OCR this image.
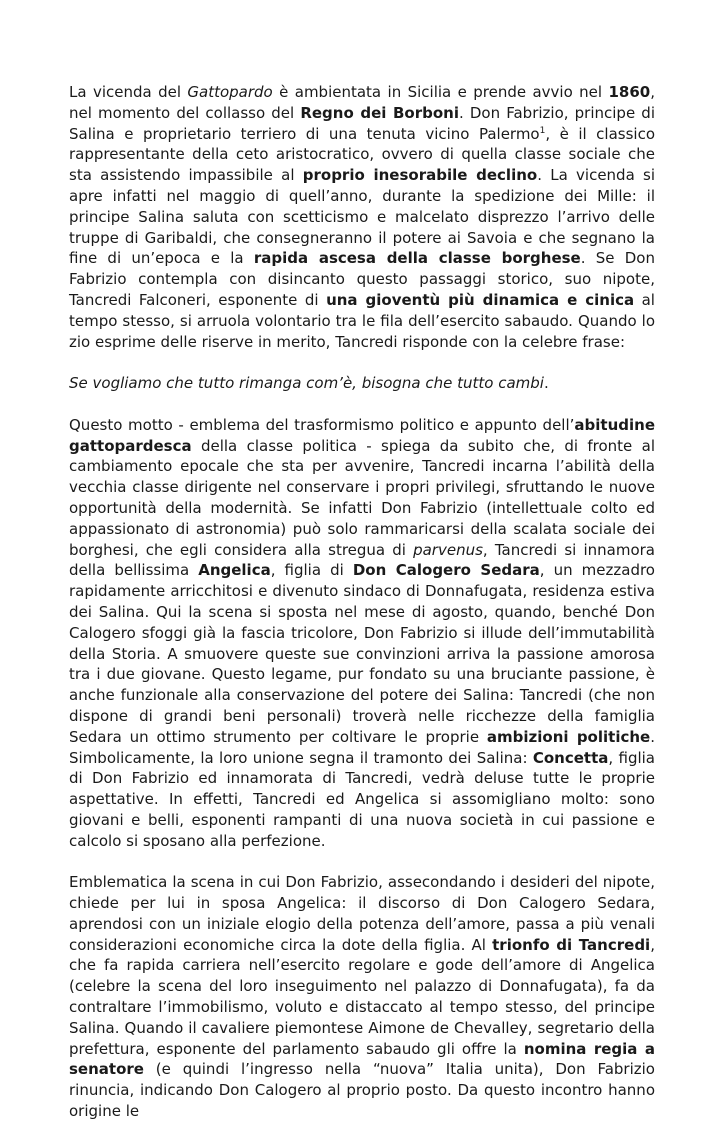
La vicenda del Gattopardo è ambientata in Sicilia e prende avvio nel 1860, nel momento del collasso del Regno dei Borboni. Don Fabrizio, principe di Salina e proprietario terriero di una tenuta vicino Palermo$^1$, è il classico rappresentante della ceto aristocratico, ovvero di quella classe sociale che sta assistendo impassibile al proprio inesorabile declino. La vicenda si apre infatti nel maggio di quell’anno, durante la spedizione dei Mille: il principe Salina saluta con scetticismo e malcelato disprezzo l’arrivo delle truppe di Garibaldi, che consegneranno il potere ai Savoia e che segnano la fine di un’epoca e la rapida ascesa della classe borghese. Se Don Fabrizio contempla con disincanto questo passaggi storico, suo nipote, Tancredi Falconeri, esponente di una gioventù più dinamica e cinica al tempo stesso, si arruola volontario tra le fila dell’esercito sabaudo. Quando lo zio esprime delle riserve in merito, Tancredi risponde con la celebre frase:

Se vogliamo che tutto rimanga com’è, bisogna che tutto cambi.

Questo motto - emblema del trasformismo politico e appunto dell’abitudine gattopardesca della classe politica - spiega da subito che, di fronte al cambiamento epocale che sta per avvenire, Tancredi incarna l’abilità della vecchia classe dirigente nel conservare i propri privilegi, sfruttando le nuove opportunità della modernità. Se infatti Don Fabrizio (intellettuale colto ed appassionato di astronomia) può solo rammaricarsi della scalata sociale dei borghesi, che egli considera alla stregua di parvenus, Tancredi si innamora della bellissima Angelica, figlia di Don Calogero Sedara, un mezzadro rapidamente arricchitosi e divenuto sindaco di Donnafugata, residenza estiva dei Salina. Qui la scena si sposta nel mese di agosto, quando, benché Don Calogero sfoggi già la fascia tricolore, Don Fabrizio si illude dell’immutabilità della Storia. A smuovere queste sue convinzioni arriva la passione amorosa tra i due giovane. Questo legame, pur fondato su una bruciante passione, è anche funzionale alla conservazione del potere dei Salina: Tancredi (che non dispone di grandi beni personali) troverà nelle ricchezze della famiglia Sedara un ottimo strumento per coltivare le proprie ambizioni politiche. Simbolicamente, la loro unione segna il tramonto dei Salina: Concetta, figlia di Don Fabrizio ed innamorata di Tancredi, vedrà deluse tutte le proprie aspettative. In effetti, Tancredi ed Angelica si assomigliano molto: sono giovani e belli, esponenti rampanti di una nuova società in cui passione e calcolo si sposano alla perfezione.

Emblematica la scena in cui Don Fabrizio, assecondando i desideri del nipote, chiede per lui in sposa Angelica: il discorso di Don Calogero Sedara, aprendosi con un iniziale elogio della potenza dell’amore, passa a più venali considerazioni economiche circa la dote della figlia. Al trionfo di Tancredi, che fa rapida carriera nell’esercito regolare e gode dell’amore di Angelica (celebre la scena del loro inseguimento nel palazzo di Donnafugata), fa da contraltare l’immobilismo, voluto e distaccato al tempo stesso, del principe Salina. Quando il cavaliere piemontese Aimone de Chevalley, segretario della prefettura, esponente del parlamento sabaudo gli offre la nomina regia a senatore (e quindi l’ingresso nella “nuova” Italia unita), Don Fabrizio rinuncia, indicando Don Calogero al proprio posto. Da questo incontro hanno origine le
